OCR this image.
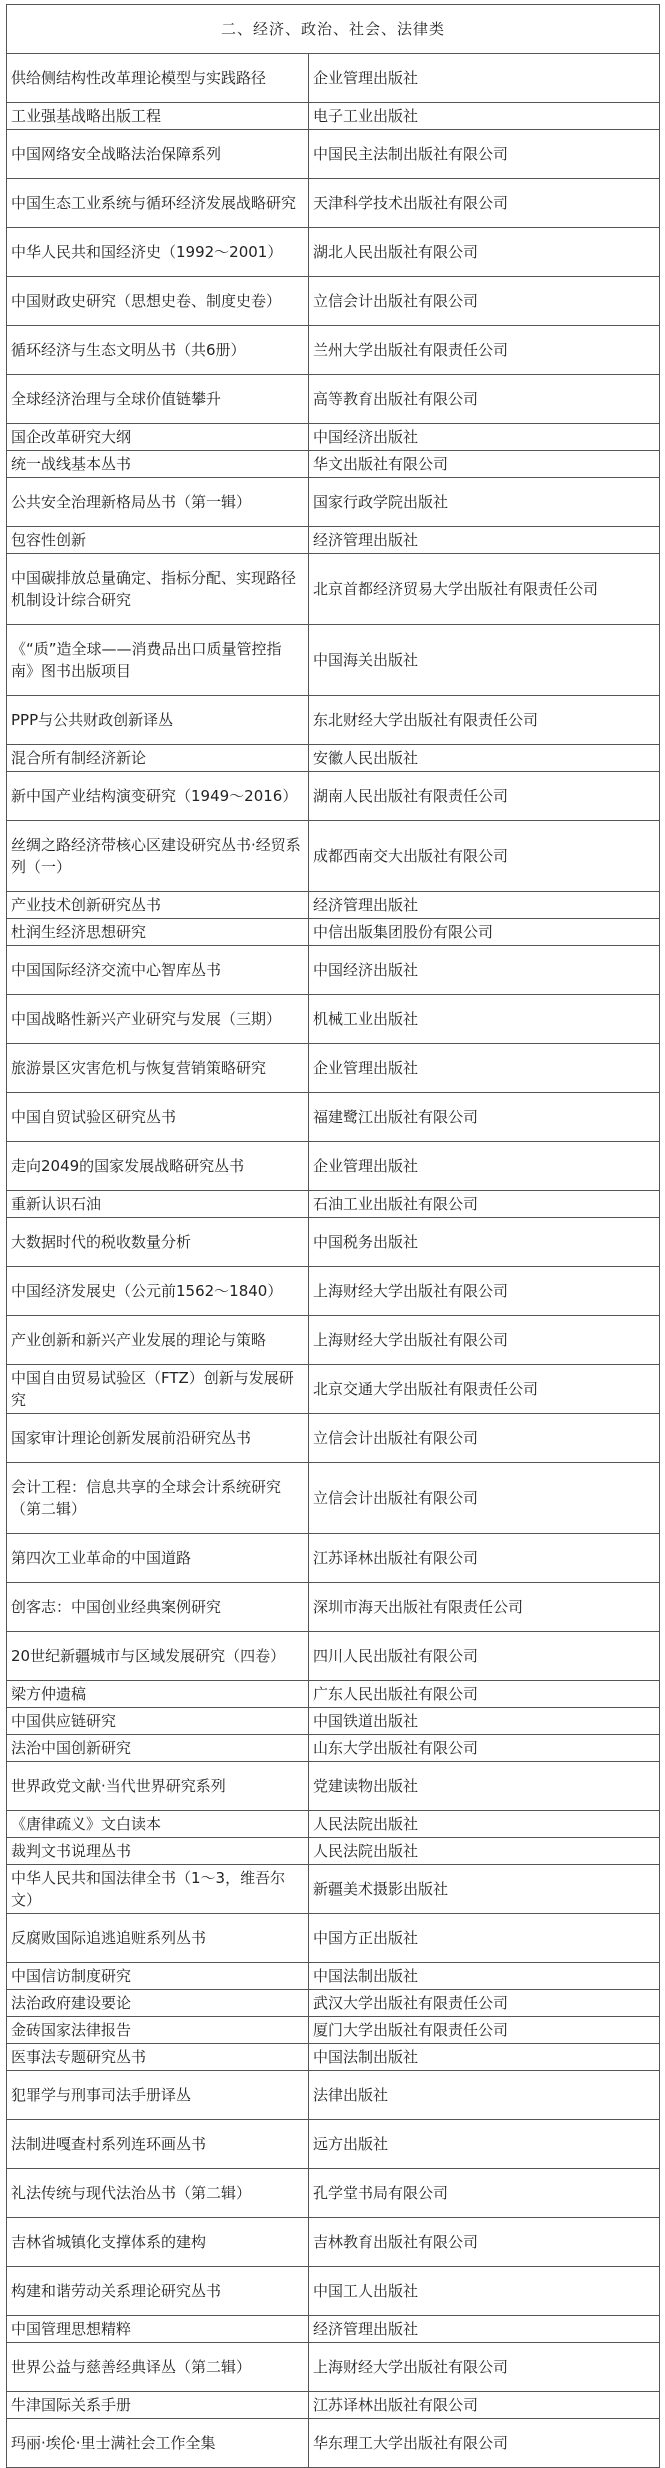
二、经济、政治、社会、法律类	
供给侧结构性改革理论模型与实践路径	企业管理出版社
工业强基战略出版工程	电子工业出版社
中国网络安全战略法治保障系列	中国民主法制出版社有限公司
中国生态工业系统与循环经济发展战略研究	天津科学技术出版社有限公司
中华人民共和国经济史（1992～2001）	湖北人民出版社有限公司
中国财政史研究（思想史卷、制度史卷）	立信会计出版社有限公司
循环经济与生态文明丛书（共6册）	兰州大学出版社有限责任公司
全球经济治理与全球价值链攀升	高等教育出版社有限公司
国企改革研究大纲	中国经济出版社
统一战线基本丛书	华文出版社有限公司
公共安全治理新格局丛书（第一辑）	国家行政学院出版社
包容性创新	经济管理出版社
中国碳排放总量确定、指标分配、实现路径机制设计综合研究	北京首都经济贸易大学出版社有限责任公司
《“质”造全球——消费品出口质量管控指南》图书出版项目	中国海关出版社
PPP与公共财政创新译丛	东北财经大学出版社有限责任公司
混合所有制经济新论	安徽人民出版社
新中国产业结构演变研究（1949～2016）	湖南人民出版社有限责任公司
丝绸之路经济带核心区建设研究丛书·经贸系列（一）	成都西南交大出版社有限公司
产业技术创新研究丛书	经济管理出版社
杜润生经济思想研究	中信出版集团股份有限公司
中国国际经济交流中心智库丛书	中国经济出版社
中国战略性新兴产业研究与发展（三期）	机械工业出版社
旅游景区灾害危机与恢复营销策略研究	企业管理出版社
中国自贸试验区研究丛书	福建鹭江出版社有限公司
走向2049的国家发展战略研究丛书	企业管理出版社
重新认识石油	石油工业出版社有限公司
大数据时代的税收数量分析	中国税务出版社
中国经济发展史（公元前1562～1840）	上海财经大学出版社有限公司
产业创新和新兴产业发展的理论与策略	上海财经大学出版社有限公司
中国自由贸易试验区（FTZ）创新与发展研究	北京交通大学出版社有限责任公司
国家审计理论创新发展前沿研究丛书	立信会计出版社有限公司
会计工程：信息共享的全球会计系统研究（第二辑）	立信会计出版社有限公司
第四次工业革命的中国道路	江苏译林出版社有限公司
创客志：中国创业经典案例研究	深圳市海天出版社有限责任公司
20世纪新疆城市与区域发展研究（四卷）	四川人民出版社有限公司
梁方仲遗稿	广东人民出版社有限公司
中国供应链研究	中国铁道出版社
法治中国创新研究	山东大学出版社有限公司
世界政党文献·当代世界研究系列	党建读物出版社
《唐律疏义》文白读本	人民法院出版社
裁判文书说理丛书	人民法院出版社
中华人民共和国法律全书（1～3，维吾尔文）	新疆美术摄影出版社
反腐败国际追逃追赃系列丛书	中国方正出版社
中国信访制度研究	中国法制出版社
法治政府建设要论	武汉大学出版社有限责任公司
金砖国家法律报告	厦门大学出版社有限责任公司
医事法专题研究丛书	中国法制出版社
犯罪学与刑事司法手册译丛	法律出版社
法制进嘎查村系列连环画丛书	远方出版社
礼法传统与现代法治丛书（第二辑）	孔学堂书局有限公司
吉林省城镇化支撑体系的建构	吉林教育出版社有限公司
构建和谐劳动关系理论研究丛书	中国工人出版社
中国管理思想精粹	经济管理出版社
世界公益与慈善经典译丛（第二辑）	上海财经大学出版社有限公司
牛津国际关系手册	江苏译林出版社有限公司
玛丽·埃伦·里士满社会工作全集	华东理工大学出版社有限公司
